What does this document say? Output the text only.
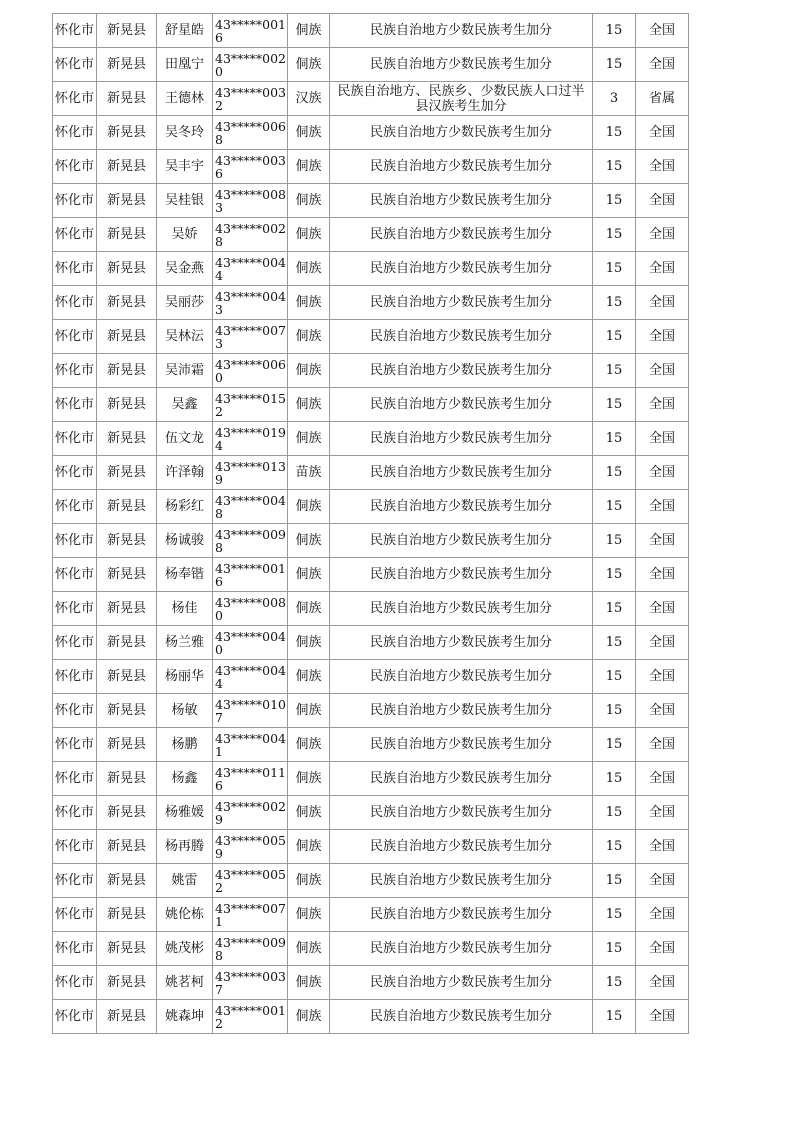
怀化市	新晃县	舒星皓	43*****0016	侗族	民族自治地方少数民族考生加分	15	全国
怀化市	新晃县	田凰宁	43*****0020	侗族	民族自治地方少数民族考生加分	15	全国
怀化市	新晃县	王德林	43*****0032	汉族	民族自治地方、民族乡、少数民族人口过半县汉族考生加分	3	省属
怀化市	新晃县	吴冬玲	43*****0068	侗族	民族自治地方少数民族考生加分	15	全国
怀化市	新晃县	吴丰宇	43*****0036	侗族	民族自治地方少数民族考生加分	15	全国
怀化市	新晃县	吴桂银	43*****0083	侗族	民族自治地方少数民族考生加分	15	全国
怀化市	新晃县	吴娇	43*****0028	侗族	民族自治地方少数民族考生加分	15	全国
怀化市	新晃县	吴金燕	43*****0044	侗族	民族自治地方少数民族考生加分	15	全国
怀化市	新晃县	吴丽莎	43*****0043	侗族	民族自治地方少数民族考生加分	15	全国
怀化市	新晃县	吴林沄	43*****0073	侗族	民族自治地方少数民族考生加分	15	全国
怀化市	新晃县	吴沛霜	43*****0060	侗族	民族自治地方少数民族考生加分	15	全国
怀化市	新晃县	吴鑫	43*****0152	侗族	民族自治地方少数民族考生加分	15	全国
怀化市	新晃县	伍文龙	43*****0194	侗族	民族自治地方少数民族考生加分	15	全国
怀化市	新晃县	许泽翰	43*****0139	苗族	民族自治地方少数民族考生加分	15	全国
怀化市	新晃县	杨彩红	43*****0048	侗族	民族自治地方少数民族考生加分	15	全国
怀化市	新晃县	杨诚骏	43*****0098	侗族	民族自治地方少数民族考生加分	15	全国
怀化市	新晃县	杨奉锴	43*****0016	侗族	民族自治地方少数民族考生加分	15	全国
怀化市	新晃县	杨佳	43*****0080	侗族	民族自治地方少数民族考生加分	15	全国
怀化市	新晃县	杨兰雅	43*****0040	侗族	民族自治地方少数民族考生加分	15	全国
怀化市	新晃县	杨丽华	43*****0044	侗族	民族自治地方少数民族考生加分	15	全国
怀化市	新晃县	杨敏	43*****0107	侗族	民族自治地方少数民族考生加分	15	全国
怀化市	新晃县	杨鹏	43*****0041	侗族	民族自治地方少数民族考生加分	15	全国
怀化市	新晃县	杨鑫	43*****0116	侗族	民族自治地方少数民族考生加分	15	全国
怀化市	新晃县	杨雅媛	43*****0029	侗族	民族自治地方少数民族考生加分	15	全国
怀化市	新晃县	杨再腾	43*****0059	侗族	民族自治地方少数民族考生加分	15	全国
怀化市	新晃县	姚雷	43*****0052	侗族	民族自治地方少数民族考生加分	15	全国
怀化市	新晃县	姚伦栋	43*****0071	侗族	民族自治地方少数民族考生加分	15	全国
怀化市	新晃县	姚茂彬	43*****0098	侗族	民族自治地方少数民族考生加分	15	全国
怀化市	新晃县	姚茗柯	43*****0037	侗族	民族自治地方少数民族考生加分	15	全国
怀化市	新晃县	姚森坤	43*****0012	侗族	民族自治地方少数民族考生加分	15	全国
